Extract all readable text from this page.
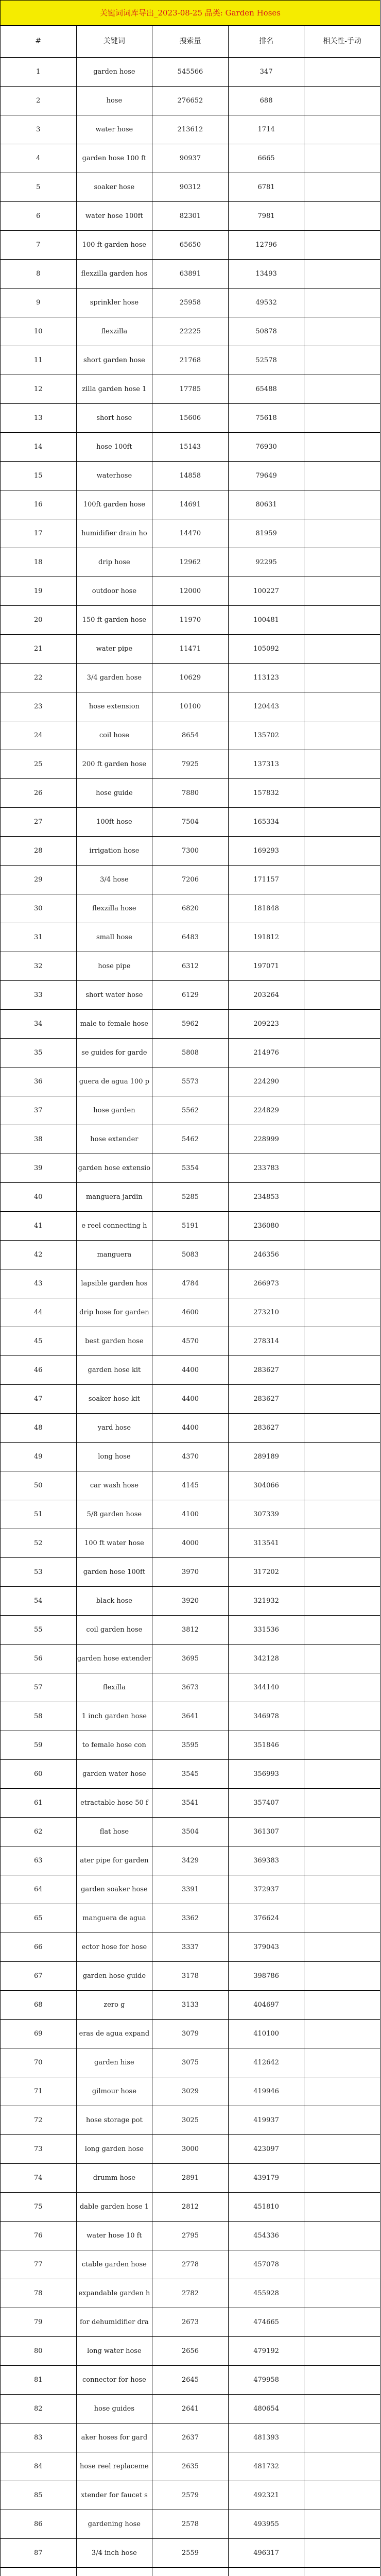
关键词词库导出_2023-08-25 品类: Garden Hoses				
#	关键词	搜索量	排名	相关性-手动
1	garden hose	545566	347	
2	hose	276652	688	
3	water hose	213612	1714	
4	garden hose 100 ft	90937	6665	
5	soaker hose	90312	6781	
6	water hose 100ft	82301	7981	
7	100 ft garden hose	65650	12796	
8	flexzilla garden hos	63891	13493	
9	sprinkler hose	25958	49532	
10	flexzilla	22225	50878	
11	short garden hose	21768	52578	
12	zilla garden hose 1	17785	65488	
13	short hose	15606	75618	
14	hose 100ft	15143	76930	
15	waterhose	14858	79649	
16	100ft garden hose	14691	80631	
17	humidifier drain ho	14470	81959	
18	drip hose	12962	92295	
19	outdoor hose	12000	100227	
20	150 ft garden hose	11970	100481	
21	water pipe	11471	105092	
22	3/4 garden hose	10629	113123	
23	hose extension	10100	120443	
24	coil hose	8654	135702	
25	200 ft garden hose	7925	137313	
26	hose guide	7880	157832	
27	100ft hose	7504	165334	
28	irrigation hose	7300	169293	
29	3/4 hose	7206	171157	
30	flexzilla hose	6820	181848	
31	small hose	6483	191812	
32	hose pipe	6312	197071	
33	short water hose	6129	203264	
34	male to female hose	5962	209223	
35	se guides for garde	5808	214976	
36	guera de agua 100 p	5573	224290	
37	hose garden	5562	224829	
38	hose extender	5462	228999	
39	garden hose extensio	5354	233783	
40	manguera jardin	5285	234853	
41	e reel connecting h	5191	236080	
42	manguera	5083	246356	
43	lapsible garden hos	4784	266973	
44	drip hose for garden	4600	273210	
45	best garden hose	4570	278314	
46	garden hose kit	4400	283627	
47	soaker hose kit	4400	283627	
48	yard hose	4400	283627	
49	long hose	4370	289189	
50	car wash hose	4145	304066	
51	5/8 garden hose	4100	307339	
52	100 ft water hose	4000	313541	
53	garden hose 100ft	3970	317202	
54	black hose	3920	321932	
55	coil garden hose	3812	331536	
56	garden hose extender	3695	342128	
57	flexilla	3673	344140	
58	1 inch garden hose	3641	346978	
59	to female hose con	3595	351846	
60	garden water hose	3545	356993	
61	etractable hose 50 f	3541	357407	
62	flat hose	3504	361307	
63	ater pipe for garden	3429	369383	
64	garden soaker hose	3391	372937	
65	manguera de agua	3362	376624	
66	ector hose for hose	3337	379043	
67	garden hose guide	3178	398786	
68	zero g	3133	404697	
69	eras de agua expand	3079	410100	
70	garden hise	3075	412642	
71	gilmour hose	3029	419946	
72	hose storage pot	3025	419937	
73	long garden hose	3000	423097	
74	drumm hose	2891	439179	
75	dable garden hose 1	2812	451810	
76	water hose 10 ft	2795	454336	
77	ctable garden hose	2778	457078	
78	expandable garden h	2782	455928	
79	for dehumidifier dra	2673	474665	
80	long water hose	2656	479192	
81	connector for hose	2645	479958	
82	hose guides	2641	480654	
83	aker hoses for gard	2637	481393	
84	hose reel replaceme	2635	481732	
85	xtender for faucet s	2579	492321	
86	gardening hose	2578	493955	
87	3/4 inch hose	2559	496317	
